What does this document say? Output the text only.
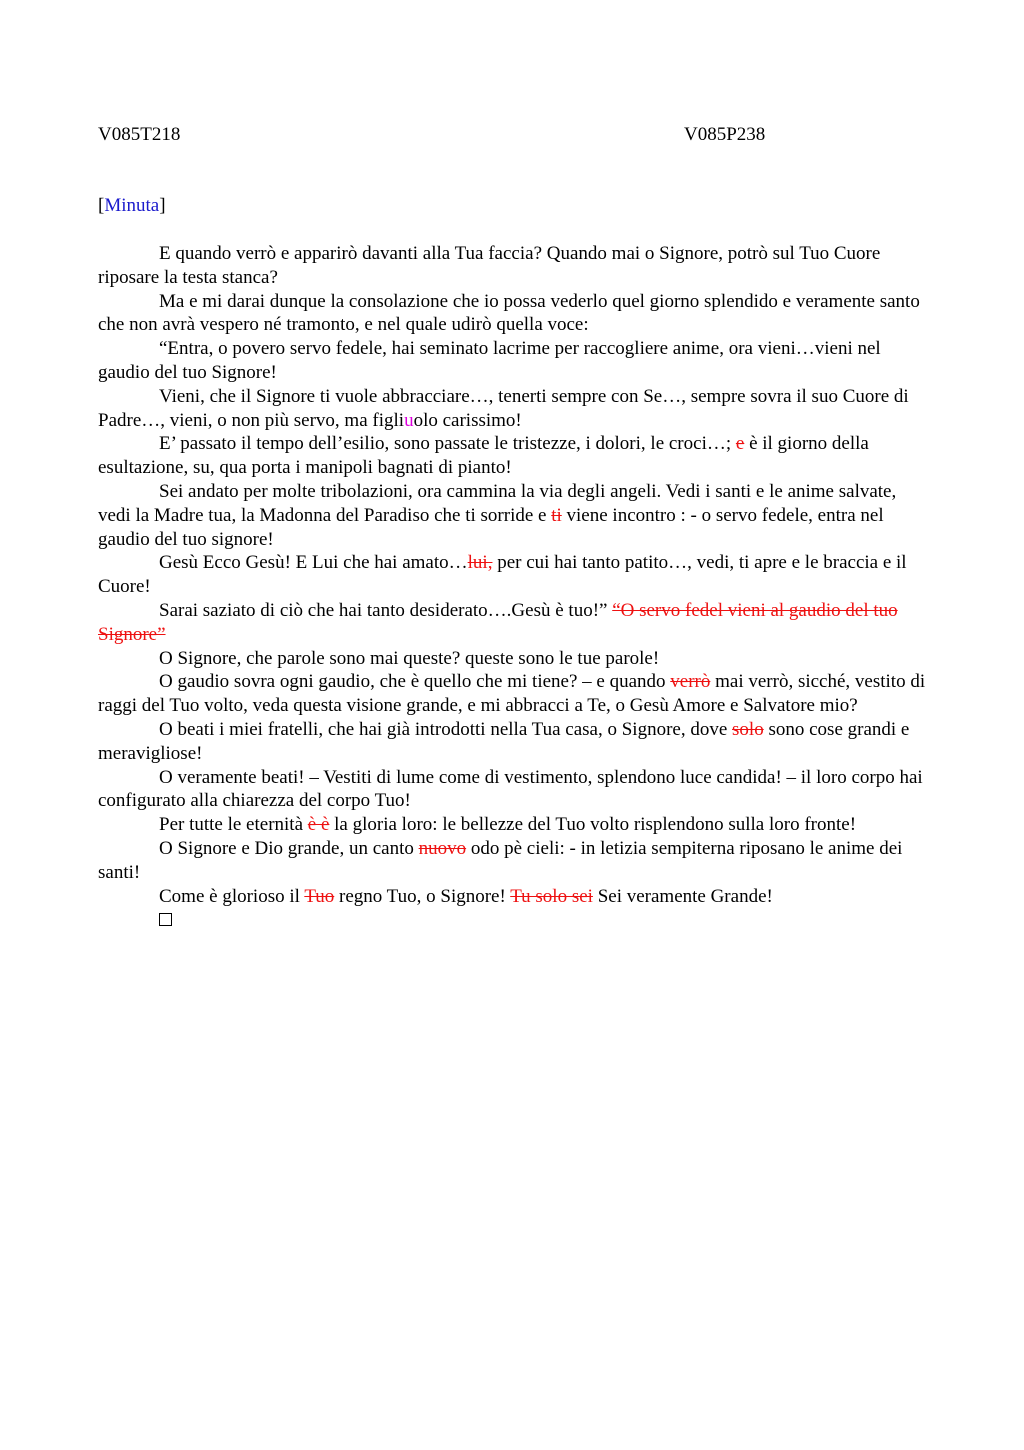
V085T218	V085P238
[Minuta]

E quando verrò e apparirò davanti alla Tua faccia? Quando mai o Signore, potrò sul Tuo Cuore riposare la testa stanca?

Ma e mi darai dunque la consolazione che io possa vederlo quel giorno splendido e veramente santo che non avrà vespero né tramonto, e nel quale udirò quella voce:

“Entra, o povero servo fedele, hai seminato lacrime per raccogliere anime, ora vieni…vieni nel gaudio del tuo Signore!

Vieni, che il Signore ti vuole abbracciare…, tenerti sempre con Se…, sempre sovra il suo Cuore di Padre…, vieni, o non più servo, ma figliuolo carissimo!

E’ passato il tempo dell’esilio, sono passate le tristezze, i dolori, le croci…; e è il giorno della esultazione, su, qua porta i manipoli bagnati di pianto!

Sei andato per molte tribolazioni, ora cammina la via degli angeli. Vedi i santi e le anime salvate, vedi la Madre tua, la Madonna del Paradiso che ti sorride e ti viene incontro : - o servo fedele, entra nel gaudio del tuo signore!

Gesù Ecco Gesù! E Lui che hai amato…lui, per cui hai tanto patito…, vedi, ti apre e le braccia e il Cuore!

Sarai saziato di ciò che hai tanto desiderato….Gesù è tuo!” “O servo fedel vieni al gaudio del tuo Signore”

O Signore, che parole sono mai queste? queste sono le tue parole!

O gaudio sovra ogni gaudio, che è quello che mi tiene? – e quando verrò mai verrò, sicché, vestito di raggi del Tuo volto, veda questa visione grande, e mi abbracci a Te, o Gesù Amore e Salvatore mio?

O beati i miei fratelli, che hai già introdotti nella Tua casa, o Signore, dove solo sono cose grandi e meravigliose!

O veramente beati! – Vestiti di lume come di vestimento, splendono luce candida! – il loro corpo hai configurato alla chiarezza del corpo Tuo!

Per tutte le eternità è è la gloria loro: le bellezze del Tuo volto risplendono sulla loro fronte!

O Signore e Dio grande, un canto nuovo odo pè cieli: - in letizia sempiterna riposano le anime dei santi!

Come è glorioso il Tuo regno Tuo, o Signore! Tu solo sei Sei veramente Grande!
